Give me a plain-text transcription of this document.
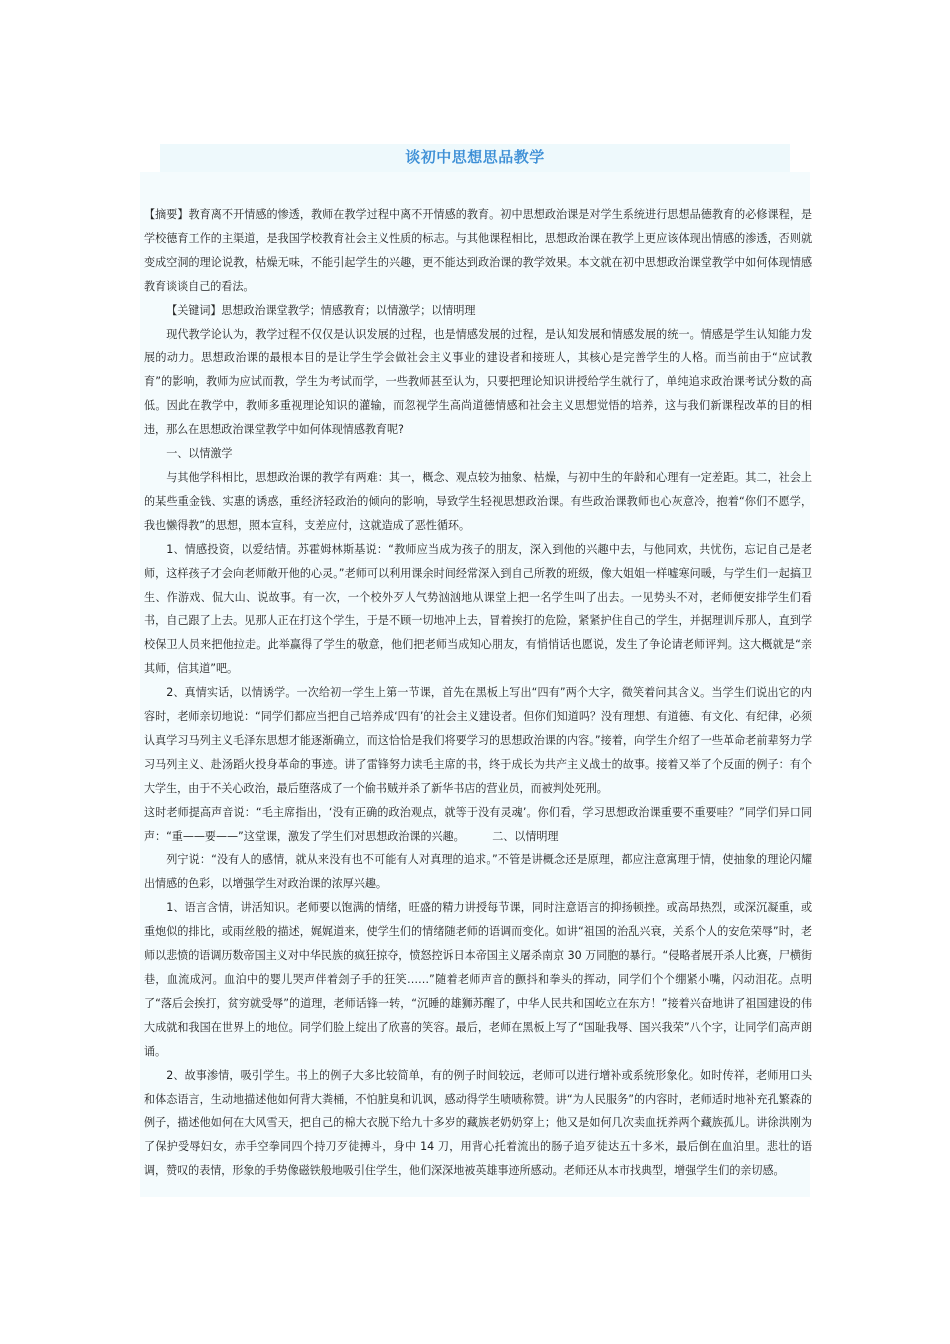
谈初中思想思品教学

【摘要】教育离不开情感的惨透，教师在教学过程中离不开情感的教育。初中思想政治课是对学生系统进行思想品德教育的必修课程，是学校德育工作的主渠道，是我国学校教育社会主义性质的标志。与其他课程相比，思想政治课在教学上更应该体现出情感的渗透，否则就变成空洞的理论说教，枯燥无味，不能引起学生的兴趣，更不能达到政治课的教学效果。本文就在初中思想政治课堂教学中如何体现情感教育谈谈自己的看法。

【关键词】思想政治课堂教学；情感教育；以情激学；以情明理

现代教学论认为，教学过程不仅仅是认识发展的过程，也是情感发展的过程，是认知发展和情感发展的统一。情感是学生认知能力发展的动力。思想政治课的最根本目的是让学生学会做社会主义事业的建设者和接班人，其核心是完善学生的人格。而当前由于“应试教育”的影响，教师为应试而教，学生为考试而学，一些教师甚至认为，只要把理论知识讲授给学生就行了，单纯追求政治课考试分数的高低。因此在教学中，教师多重视理论知识的灌输，而忽视学生高尚道德情感和社会主义思想觉悟的培养，这与我们新课程改革的目的相违，那么在思想政治课堂教学中如何体现情感教育呢?

一、以情激学

与其他学科相比，思想政治课的教学有两难：其一，概念、观点较为抽象、枯燥，与初中生的年龄和心理有一定差距。其二，社会上的某些重金钱、实惠的诱惑，重经济轻政治的倾向的影响，导致学生轻视思想政治课。有些政治课教师也心灰意冷，抱着“你们不愿学，我也懒得教”的思想，照本宣科，支差应付，这就造成了恶性循环。

1、情感投资，以爱结情。苏霍姆林斯基说：“教师应当成为孩子的朋友，深入到他的兴趣中去，与他同欢，共忧伤，忘记自己是老师，这样孩子才会向老师敞开他的心灵。”老师可以利用课余时间经常深入到自己所教的班级，像大姐姐一样嘘寒问暖，与学生们一起搞卫生、作游戏、侃大山、说故事。有一次，一个校外歹人气势汹汹地从课堂上把一名学生叫了出去。一见势头不对，老师便安排学生们看书，自己跟了上去。见那人正在打这个学生，于是不顾一切地冲上去，冒着挨打的危险，紧紧护住自己的学生，并据理训斥那人，直到学校保卫人员来把他拉走。此举赢得了学生的敬意，他们把老师当成知心朋友，有悄悄话也愿说，发生了争论请老师评判。这大概就是“亲其师，信其道”吧。

2、真情实话，以情诱学。一次给初一学生上第一节课，首先在黑板上写出“四有”两个大字，微笑着问其含义。当学生们说出它的内容时，老师亲切地说：“同学们都应当把自己培养成‘四有’的社会主义建设者。但你们知道吗？没有理想、有道德、有文化、有纪律，必须认真学习马列主义毛泽东思想才能逐渐确立，而这恰恰是我们将要学习的思想政治课的内容。”接着，向学生介绍了一些革命老前辈努力学习马列主义、赴汤蹈火投身革命的事迹。讲了雷锋努力读毛主席的书，终于成长为共产主义战士的故事。接着又举了个反面的例子：有个大学生，由于不关心政治，最后堕落成了一个偷书贼并杀了新华书店的营业员，而被判处死刑。

这时老师提高声音说：“毛主席指出，‘没有正确的政治观点，就等于没有灵魂’。你们看，学习思想政治课重要不重要哇？”同学们异口同声：“重——要——”这堂课，激发了学生们对思想政治课的兴趣。　　　二、以情明理

列宁说：“没有人的感情，就从来没有也不可能有人对真理的追求。”不管是讲概念还是原理，都应注意寓理于情，使抽象的理论闪耀出情感的色彩，以增强学生对政治课的浓厚兴趣。

1、语言含情，讲活知识。老师要以饱满的情绪，旺盛的精力讲授每节课，同时注意语言的抑扬顿挫。或高昂热烈，或深沉凝重，或重炮似的排比，或雨丝般的描述，娓娓道来，使学生们的情绪随老师的语调而变化。如讲“祖国的治乱兴衰，关系个人的安危荣辱”时，老师以悲愤的语调历数帝国主义对中华民族的疯狂掠夺，愤怒控诉日本帝国主义屠杀南京 30 万同胞的暴行。“侵略者展开杀人比赛，尸横街巷，血流成河。血泊中的婴儿哭声伴着刽子手的狂笑……”随着老师声音的颤抖和拳头的挥动，同学们个个绷紧小嘴，闪动泪花。点明了“落后会挨打，贫穷就受辱”的道理，老师话锋一转，“沉睡的雄狮苏醒了，中华人民共和国屹立在东方！”接着兴奋地讲了祖国建设的伟大成就和我国在世界上的地位。同学们脸上绽出了欣喜的笑容。最后，老师在黑板上写了“国耻我辱、国兴我荣”八个字，让同学们高声朗诵。

2、故事渗情，吸引学生。书上的例子大多比较简单，有的例子时间较远，老师可以进行增补或系统形象化。如时传祥，老师用口头和体态语言，生动地描述他如何背大粪桶，不怕脏臭和讥讽，感动得学生啧啧称赞。讲“为人民服务”的内容时，老师适时地补充孔繁森的例子，描述他如何在大风雪天，把自己的棉大衣脱下给九十多岁的藏族老奶奶穿上；他又是如何几次卖血抚养两个藏族孤儿。讲徐洪刚为了保护受辱妇女，赤手空拳同四个持刀歹徒搏斗，身中 14 刀，用背心托着流出的肠子追歹徒达五十多米，最后倒在血泊里。悲壮的语调，赞叹的表情，形象的手势像磁铁般地吸引住学生，他们深深地被英雄事迹所感动。老师还从本市找典型，增强学生们的亲切感。
